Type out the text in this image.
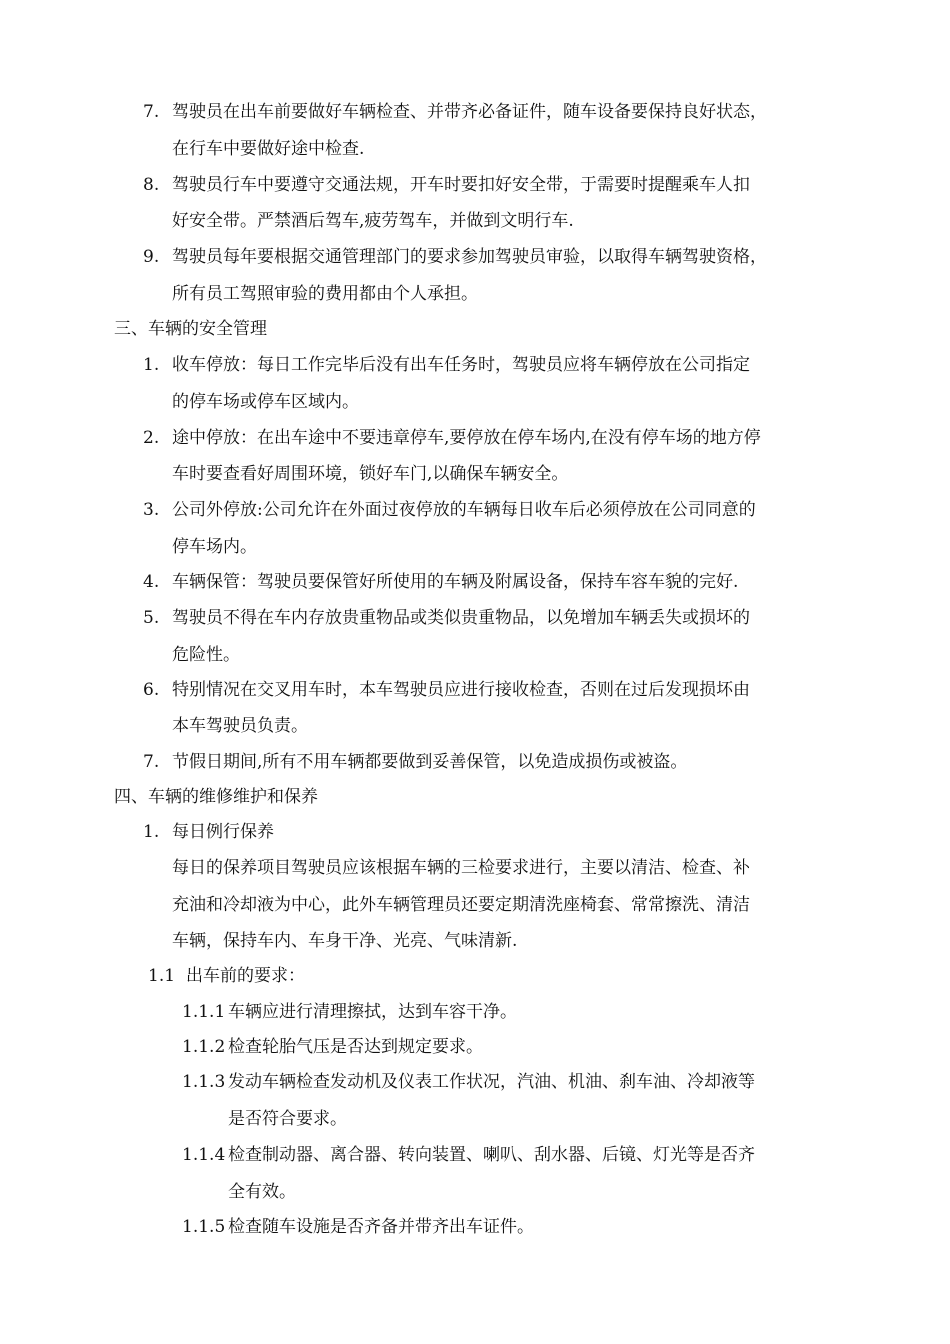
7. 驾驶员在出车前要做好车辆检查、并带齐必备证件，随车设备要保持良好状态，
在行车中要做好途中检查.
8. 驾驶员行车中要遵守交通法规，开车时要扣好安全带，于需要时提醒乘车人扣
好安全带。严禁酒后驾车,疲劳驾车，并做到文明行车.
9. 驾驶员每年要根据交通管理部门的要求参加驾驶员审验，以取得车辆驾驶资格，
所有员工驾照审验的费用都由个人承担。
三、车辆的安全管理
1. 收车停放：每日工作完毕后没有出车任务时，驾驶员应将车辆停放在公司指定
的停车场或停车区域内。
2. 途中停放：在出车途中不要违章停车,要停放在停车场内,在没有停车场的地方停
车时要查看好周围环境，锁好车门,以确保车辆安全。
3. 公司外停放:公司允许在外面过夜停放的车辆每日收车后必须停放在公司同意的
停车场内。
4. 车辆保管：驾驶员要保管好所使用的车辆及附属设备，保持车容车貌的完好.
5. 驾驶员不得在车内存放贵重物品或类似贵重物品，以免增加车辆丢失或损坏的
危险性。
6. 特别情况在交叉用车时，本车驾驶员应进行接收检查，否则在过后发现损坏由
本车驾驶员负责。
7. 节假日期间,所有不用车辆都要做到妥善保管，以免造成损伤或被盗。
四、车辆的维修维护和保养
1. 每日例行保养
每日的保养项目驾驶员应该根据车辆的三检要求进行，主要以清洁、检查、补
充油和冷却液为中心，此外车辆管理员还要定期清洗座椅套、常常擦洗、清洁
车辆，保持车内、车身干净、光亮、气味清新.
1.1 出车前的要求：
1.1.1 车辆应进行清理擦拭，达到车容干净。
1.1.2 检查轮胎气压是否达到规定要求。
1.1.3 发动车辆检查发动机及仪表工作状况，汽油、机油、刹车油、冷却液等
是否符合要求。
1.1.4 检查制动器、离合器、转向装置、喇叭、刮水器、后镜、灯光等是否齐
全有效。
1.1.5 检查随车设施是否齐备并带齐出车证件。
